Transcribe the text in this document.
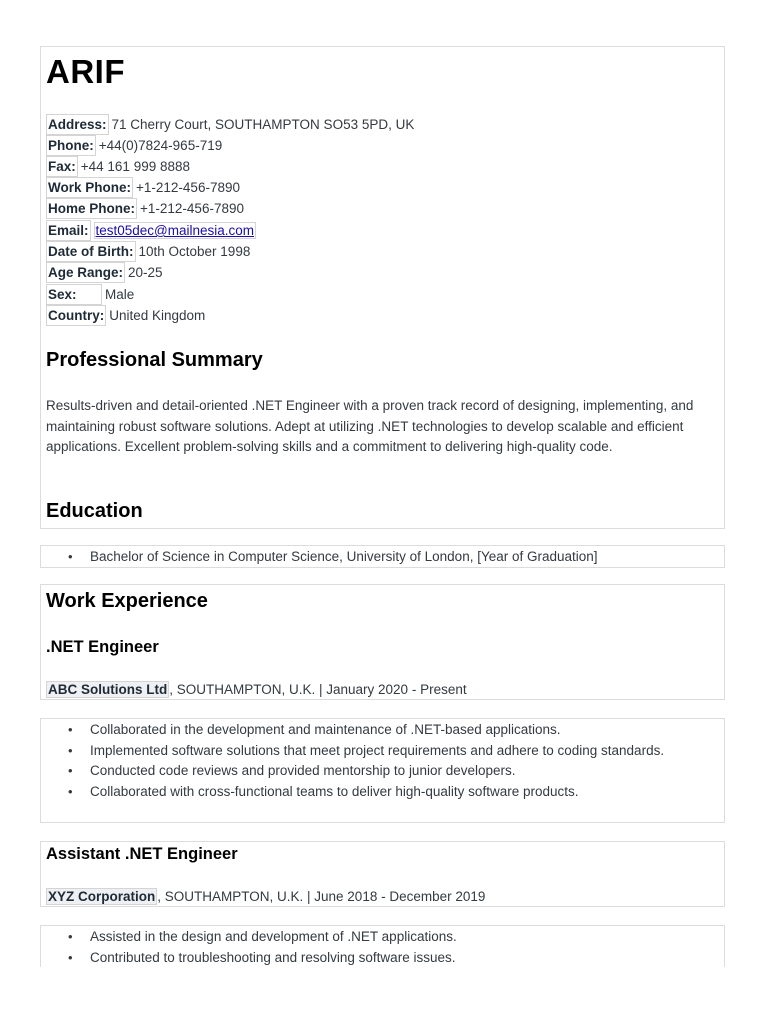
ARIF
Address: 71 Cherry Court, SOUTHAMPTON SO53 5PD, UK
Phone: +44(0)7824-965-719
Fax: +44 161 999 8888
Work Phone: +1-212-456-7890
Home Phone: +1-212-456-7890
Email: test05dec@mailnesia.com
Date of Birth: 10th October 1998
Age Range: 20-25
Sex: Male
Country: United Kingdom
Professional Summary
Results-driven and detail-oriented .NET Engineer with a proven track record of designing, implementing, and maintaining robust software solutions. Adept at utilizing .NET technologies to develop scalable and efficient applications. Excellent problem-solving skills and a commitment to delivering high-quality code.
Education
• Bachelor of Science in Computer Science, University of London, [Year of Graduation]
Work Experience
.NET Engineer
ABC Solutions Ltd , SOUTHAMPTON, U.K. | January 2020 - Present
• Collaborated in the development and maintenance of .NET-based applications.
• Implemented software solutions that meet project requirements and adhere to coding standards.
• Conducted code reviews and provided mentorship to junior developers.
• Collaborated with cross-functional teams to deliver high-quality software products.
Assistant .NET Engineer
XYZ Corporation , SOUTHAMPTON, U.K. | June 2018 - December 2019
• Assisted in the design and development of .NET applications.
• Contributed to troubleshooting and resolving software issues.
